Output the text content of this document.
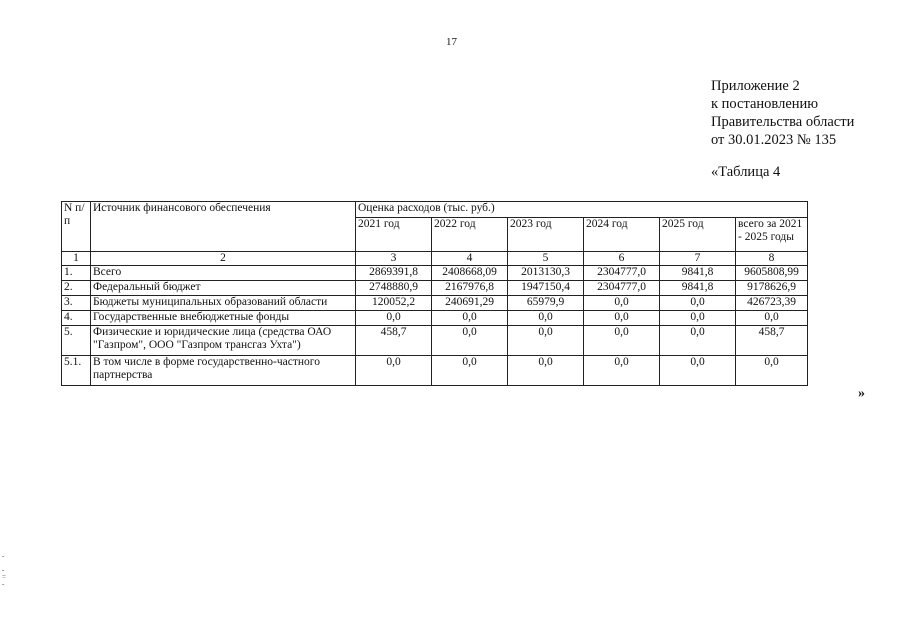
17
Приложение 2
к постановлению
Правительства области
от 30.01.2023 № 135
«Таблица 4
N п/п	Источник финансового обеспечения	Оценка расходов (тыс. руб.)					
		2021 год	2022 год	2023 год	2024 год	2025 год	всего за 2021 - 2025 годы
1	2	3	4	5	6	7	8
1.	Всего	2869391,8	2408668,09	2013130,3	2304777,0	9841,8	9605808,99
2.	Федеральный бюджет	2748880,9	2167976,8	1947150,4	2304777,0	9841,8	9178626,9
3.	Бюджеты муниципальных образований области	120052,2	240691,29	65979,9	0,0	0,0	426723,39
4.	Государственные внебюджетные фонды	0,0	0,0	0,0	0,0	0,0	0,0
5.	Физические и юридические лица (средства ОАО "Газпром", ООО "Газпром трансгаз Ухта")	458,7	0,0	0,0	0,0	0,0	458,7
5.1.	В том числе в форме государственно-частного партнерства	0,0	0,0	0,0	0,0	0,0	0,0
»
-

-
=
-
